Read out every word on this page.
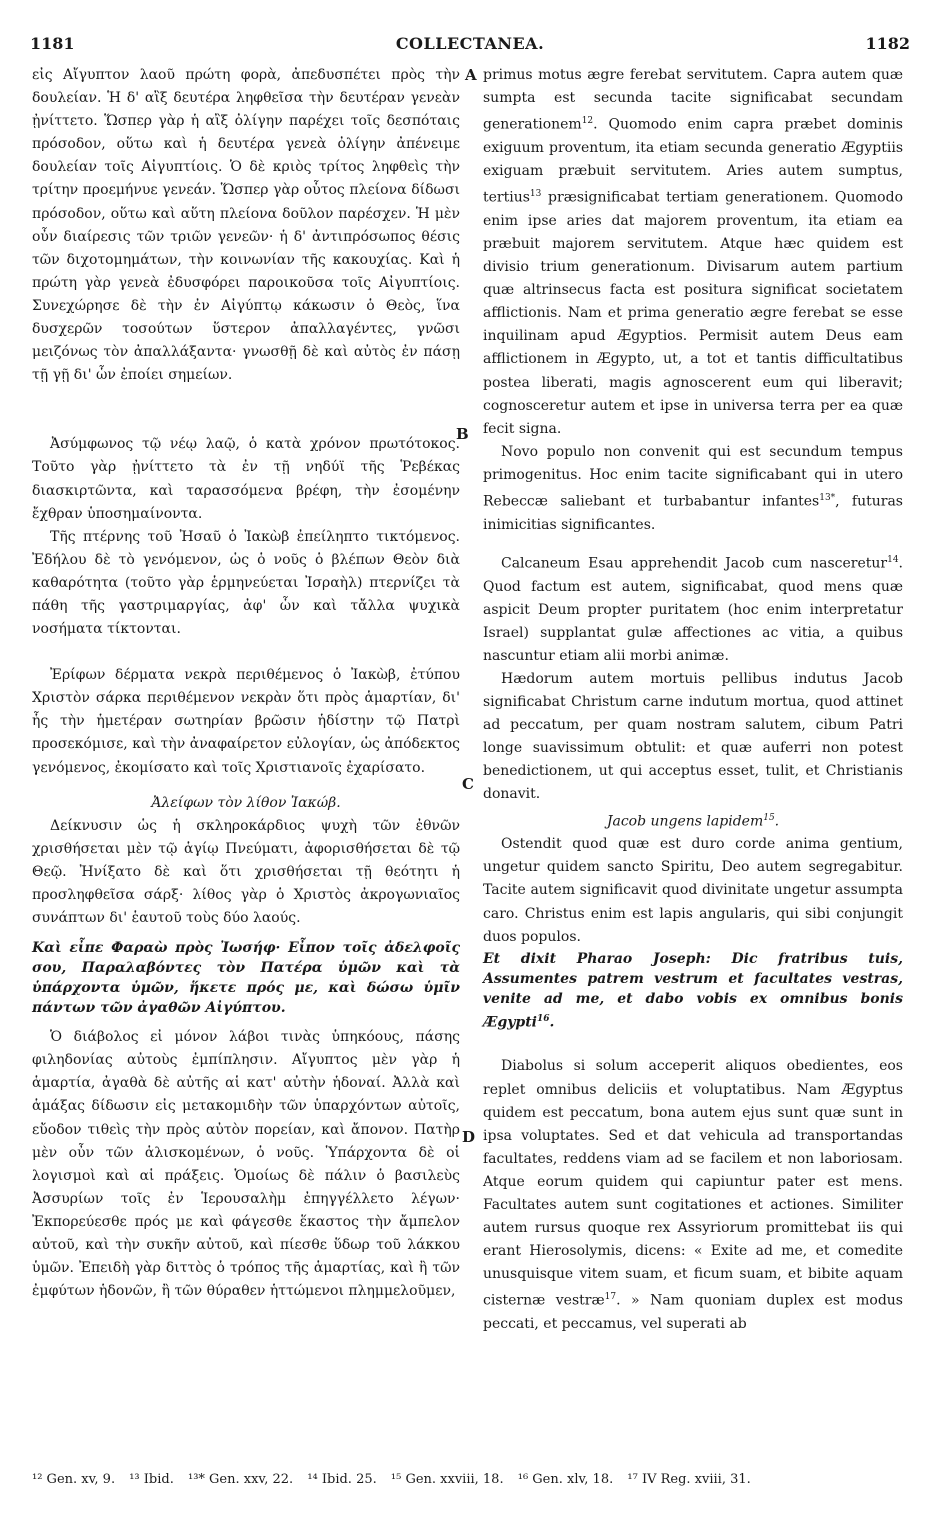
1181	COLLECTANEA.	1182
A
B
C
D

εἰς Αἴγυπτον λαοῦ πρώτη φορὰ, ἀπεδυσπέτει πρὸς τὴν δουλείαν. Ἡ δ' αἲξ δευτέρα ληφθεῖσα τὴν δευτέραν γενεὰν ᾐνίττετο. Ὥσπερ γὰρ ἡ αἲξ ὀλίγην παρέχει τοῖς δεσπόταις πρόσοδον, οὕτω καὶ ἡ δευτέρα γενεὰ ὀλίγην ἀπένειμε δουλείαν τοῖς Αἰγυπτίοις. Ὁ δὲ κριὸς τρίτος ληφθεὶς τὴν τρίτην προεμήνυε γενεάν. Ὥσπερ γὰρ οὗτος πλείονα δίδωσι πρόσοδον, οὕτω καὶ αὕτη πλείονα δοῦλον παρέσχεν. Ἡ μὲν οὖν διαίρεσις τῶν τριῶν γενεῶν· ἡ δ' ἀντιπρόσωπος θέσις τῶν διχοτομημάτων, τὴν κοινωνίαν τῆς κακουχίας. Καὶ ἡ πρώτη γὰρ γενεὰ ἐδυσφόρει παροικοῦσα τοῖς Αἰγυπτίοις. Συνεχώρησε δὲ τὴν ἐν Αἰγύπτῳ κάκωσιν ὁ Θεὸς, ἵνα δυσχερῶν τοσούτων ὕστερον ἀπαλλαγέντες, γνῶσι μειζόνως τὸν ἀπαλλάξαντα· γνωσθῇ δὲ καὶ αὐτὸς ἐν πάσῃ τῇ γῇ δι' ὧν ἐποίει σημείων.

Ἀσύμφωνος τῷ νέῳ λαῷ, ὁ κατὰ χρόνον πρωτότοκος. Τοῦτο γὰρ ᾐνίττετο τὰ ἐν τῇ νηδύϊ τῆς Ῥεβέκας διασκιρτῶντα, καὶ ταρασσόμενα βρέφη, τὴν ἐσομένην ἔχθραν ὑποσημαίνοντα.

Τῆς πτέρνης τοῦ Ἠσαῦ ὁ Ἰακὼβ ἐπείληπτο τικτόμενος. Ἐδήλου δὲ τὸ γενόμενον, ὡς ὁ νοῦς ὁ βλέπων Θεὸν διὰ καθαρότητα (τοῦτο γὰρ ἑρμηνεύεται Ἰσραὴλ) πτερνίζει τὰ πάθη τῆς γαστριμαργίας, ἀφ' ὧν καὶ τἄλλα ψυχικὰ νοσήματα τίκτονται.

Ἐρίφων δέρματα νεκρὰ περιθέμενος ὁ Ἰακὼβ, ἐτύπου Χριστὸν σάρκα περιθέμενον νεκρὰν ὅτι πρὸς ἁμαρτίαν, δι' ἧς τὴν ἡμετέραν σωτηρίαν βρῶσιν ἡδίστην τῷ Πατρὶ προσεκόμισε, καὶ τὴν ἀναφαίρετον εὐλογίαν, ὡς ἀπόδεκτος γενόμενος, ἐκομίσατο καὶ τοῖς Χριστιανοῖς ἐχαρίσατο.

Ἀλείφων τὸν λίθον Ἰακώβ.

Δείκνυσιν ὡς ἡ σκληροκάρδιος ψυχὴ τῶν ἐθνῶν χρισθήσεται μὲν τῷ ἁγίῳ Πνεύματι, ἀφορισθήσεται δὲ τῷ Θεῷ. Ἠνίξατο δὲ καὶ ὅτι χρισθήσεται τῇ θεότητι ἡ προσληφθεῖσα σάρξ· λίθος γὰρ ὁ Χριστὸς ἀκρογωνιαῖος συνάπτων δι' ἑαυτοῦ τοὺς δύο λαούς.

Καὶ εἶπε Φαραὼ πρὸς Ἰωσήφ· Εἶπον τοῖς ἀδελφοῖς σου, Παραλαβόντες τὸν Πατέρα ὑμῶν καὶ τὰ ὑπάρχοντα ὑμῶν, ἥκετε πρός με, καὶ δώσω ὑμῖν πάντων τῶν ἀγαθῶν Αἰγύπτου.

Ὁ διάβολος εἰ μόνον λάβοι τινὰς ὑπηκόους, πάσης φιληδονίας αὐτοὺς ἐμπίπλησιν. Αἴγυπτος μὲν γὰρ ἡ ἁμαρτία, ἀγαθὰ δὲ αὐτῆς αἱ κατ' αὐτὴν ἡδοναί. Ἀλλὰ καὶ ἁμάξας δίδωσιν εἰς μετακομιδὴν τῶν ὑπαρχόντων αὐτοῖς, εὔοδον τιθεὶς τὴν πρὸς αὐτὸν πορείαν, καὶ ἄπονον. Πατὴρ μὲν οὖν τῶν ἁλισκομένων, ὁ νοῦς. Ὑπάρχοντα δὲ οἱ λογισμοὶ καὶ αἱ πράξεις. Ὁμοίως δὲ πάλιν ὁ βασιλεὺς Ἀσσυρίων τοῖς ἐν Ἱερουσαλὴμ ἐπηγγέλλετο λέγων· Ἐκπορεύεσθε πρός με καὶ φάγεσθε ἕκαστος τὴν ἄμπελον αὐτοῦ, καὶ τὴν συκῆν αὐτοῦ, καὶ πίεσθε ὕδωρ τοῦ λάκκου ὑμῶν. Ἐπειδὴ γὰρ διττὸς ὁ τρόπος τῆς ἁμαρτίας, καὶ ἢ τῶν ἐμφύτων ἡδονῶν, ἢ τῶν θύραθεν ἡττώμενοι πλημμελοῦμεν,

primus motus ægre ferebat servitutem. Capra autem quæ sumpta est secunda tacite significabat secundam generationem$^{12}$. Quomodo enim capra præbet dominis exiguum proventum, ita etiam secunda generatio Ægyptiis exiguam præbuit servitutem. Aries autem sumptus, tertius$^{13}$ præsignificabat tertiam generationem. Quomodo enim ipse aries dat majorem proventum, ita etiam ea præbuit majorem servitutem. Atque hæc quidem est divisio trium generationum. Divisarum autem partium quæ altrinsecus facta est positura significat societatem afflictionis. Nam et prima generatio ægre ferebat se esse inquilinam apud Ægyptios. Permisit autem Deus eam afflictionem in Ægypto, ut, a tot et tantis difficultatibus postea liberati, magis agnoscerent eum qui liberavit; cognosceretur autem et ipse in universa terra per ea quæ fecit signa.

Novo populo non convenit qui est secundum tempus primogenitus. Hoc enim tacite significabant qui in utero Rebeccæ saliebant et turbabantur infantes$^{13*}$, futuras inimicitias significantes.

Calcaneum Esau apprehendit Jacob cum nasceretur$^{14}$. Quod factum est autem, significabat, quod mens quæ aspicit Deum propter puritatem (hoc enim interpretatur Israel) supplantat gulæ affectiones ac vitia, a quibus nascuntur etiam alii morbi animæ.

Hædorum autem mortuis pellibus indutus Jacob significabat Christum carne indutum mortua, quod attinet ad peccatum, per quam nostram salutem, cibum Patri longe suavissimum obtulit: et quæ auferri non potest benedictionem, ut qui acceptus esset, tulit, et Christianis donavit.

Jacob ungens lapidem$^{15}$.

Ostendit quod quæ est duro corde anima gentium, ungetur quidem sancto Spiritu, Deo autem segregabitur. Tacite autem significavit quod divinitate ungetur assumpta caro. Christus enim est lapis angularis, qui sibi conjungit duos populos.

Et dixit Pharao Joseph: Dic fratribus tuis, Assumentes patrem vestrum et facultates vestras, venite ad me, et dabo vobis ex omnibus bonis Ægypti$^{16}$.

Diabolus si solum acceperit aliquos obedientes, eos replet omnibus deliciis et voluptatibus. Nam Ægyptus quidem est peccatum, bona autem ejus sunt quæ sunt in ipsa voluptates. Sed et dat vehicula ad transportandas facultates, reddens viam ad se facilem et non laboriosam. Atque eorum quidem qui capiuntur pater est mens. Facultates autem sunt cogitationes et actiones. Similiter autem rursus quoque rex Assyriorum promittebat iis qui erant Hierosolymis, dicens: « Exite ad me, et comedite unusquisque vitem suam, et ficum suam, et bibite aquam cisternæ vestræ$^{17}$. » Nam quoniam duplex est modus peccati, et peccamus, vel superati ab

¹² Gen. xv, 9. ¹³ Ibid. ¹³* Gen. xxv, 22. ¹⁴ Ibid. 25. ¹⁵ Gen. xxviii, 18. ¹⁶ Gen. xlv, 18. ¹⁷ IV Reg. xviii, 31.
